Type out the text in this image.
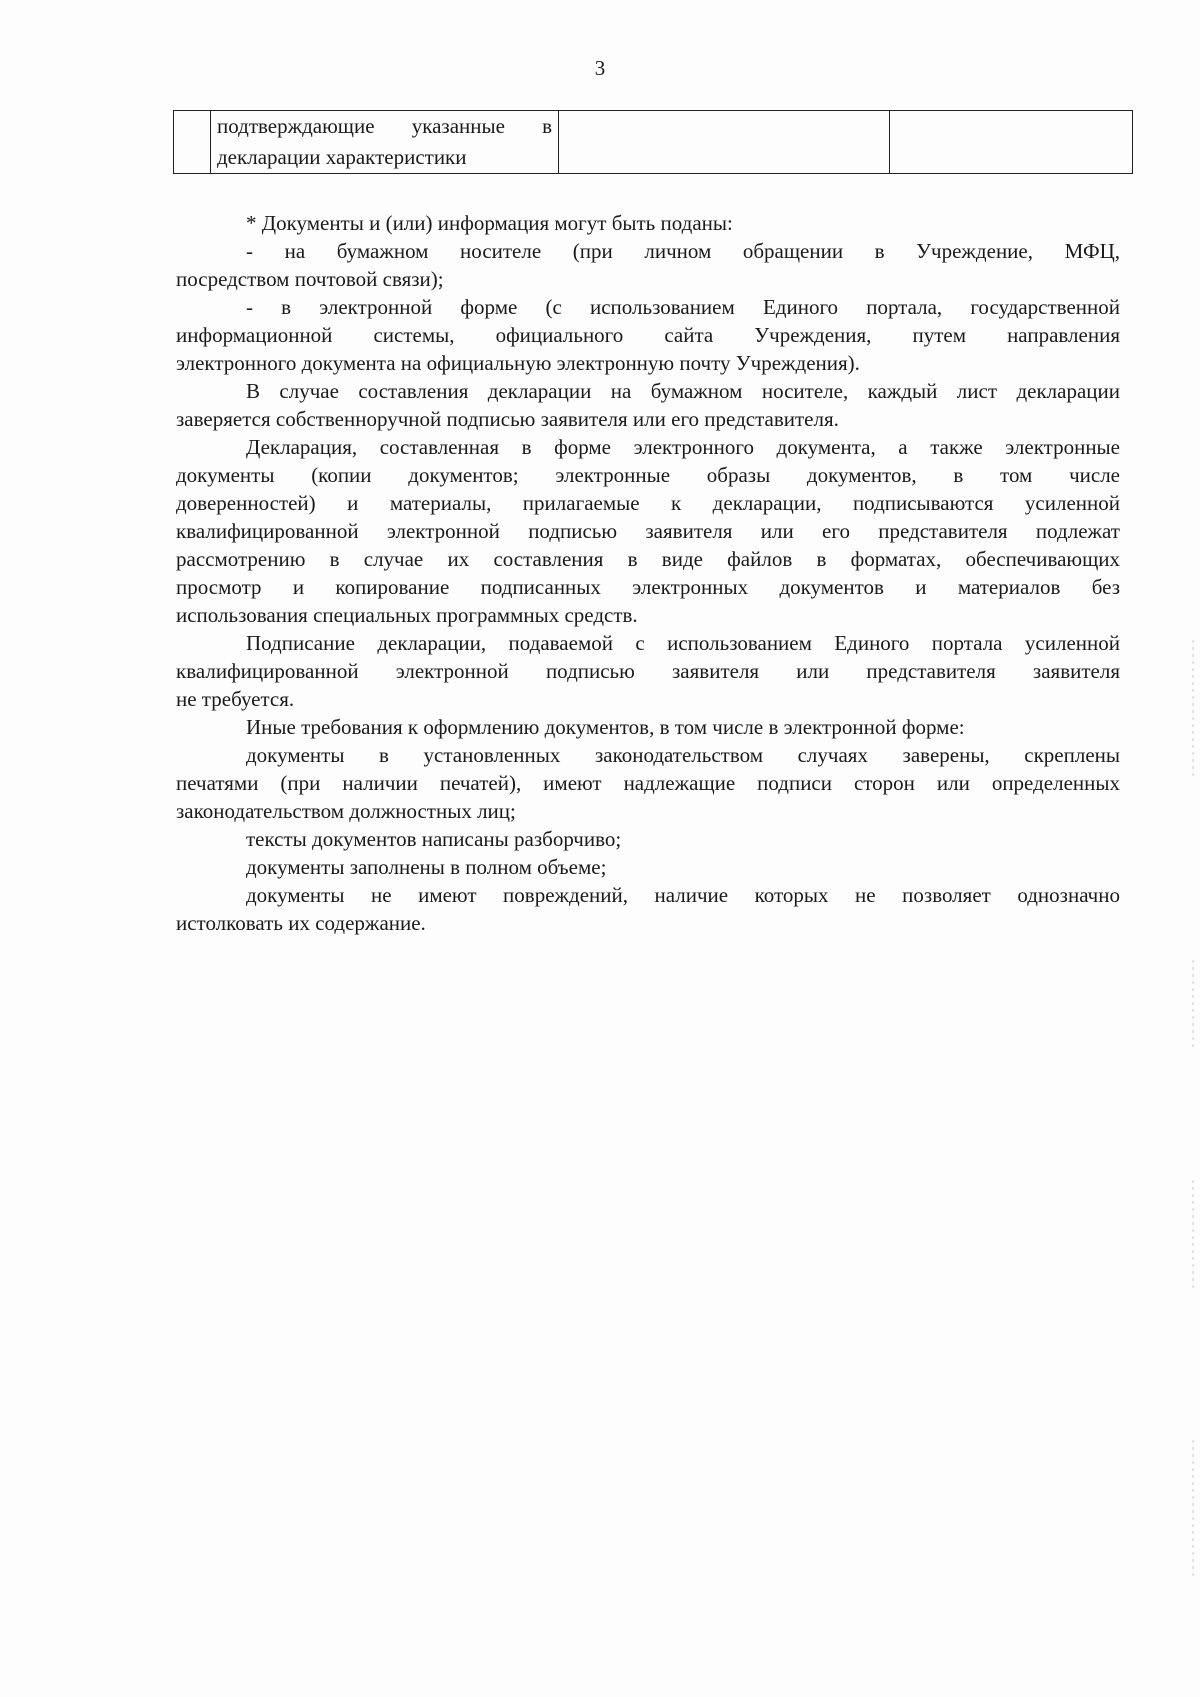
3

подтверждающие указанные в
декларации характеристики

* Документы и (или) информация могут быть поданы:
- на бумажном носителе (при личном обращении в Учреждение, МФЦ,
посредством почтовой связи);
- в электронной форме (с использованием Единого портала, государственной
информационной системы, официального сайта Учреждения, путем направления
электронного документа на официальную электронную почту Учреждения).
В случае составления декларации на бумажном носителе, каждый лист декларации
заверяется собственноручной подписью заявителя или его представителя.
Декларация, составленная в форме электронного документа, а также электронные
документы (копии документов; электронные образы документов, в том числе
доверенностей) и материалы, прилагаемые к декларации, подписываются усиленной
квалифицированной электронной подписью заявителя или его представителя подлежат
рассмотрению в случае их составления в виде файлов в форматах, обеспечивающих
просмотр и копирование подписанных электронных документов и материалов без
использования специальных программных средств.
Подписание декларации, подаваемой с использованием Единого портала усиленной
квалифицированной электронной подписью заявителя или представителя заявителя
не требуется.
Иные требования к оформлению документов, в том числе в электронной форме:
документы в установленных законодательством случаях заверены, скреплены
печатями (при наличии печатей), имеют надлежащие подписи сторон или определенных
законодательством должностных лиц;
тексты документов написаны разборчиво;
документы заполнены в полном объеме;
документы не имеют повреждений, наличие которых не позволяет однозначно
истолковать их содержание.
